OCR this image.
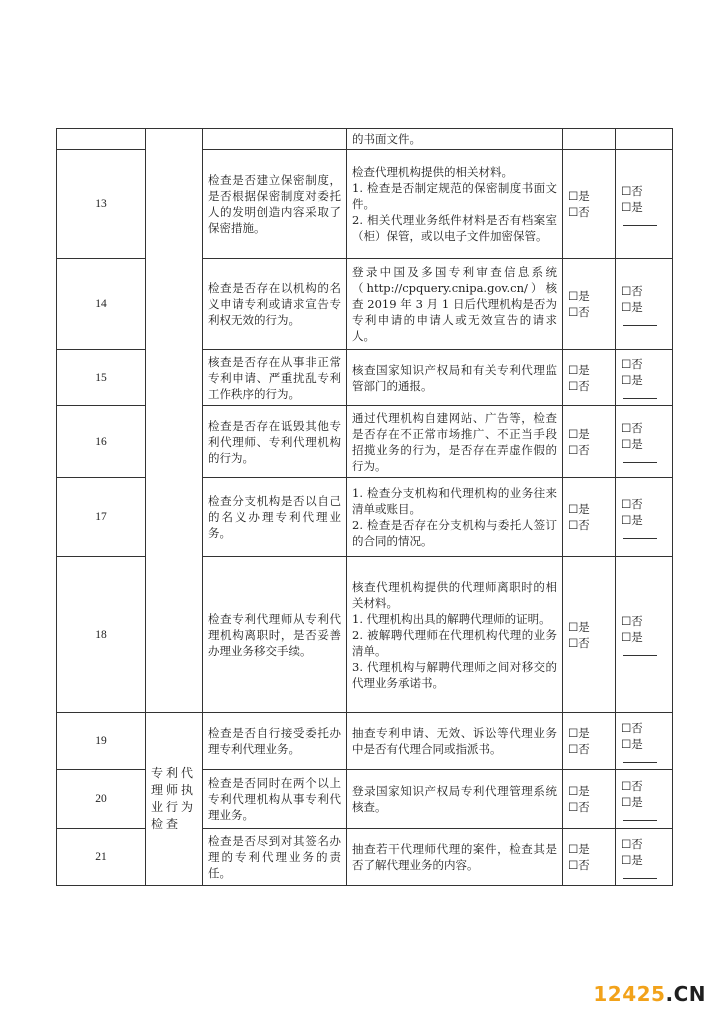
			的书面文件。		
13		检查是否建立保密制度，是否根据保密制度对委托人的发明创造内容采取了保密措施。	检查代理机构提供的相关材料。
1. 检查是否制定规范的保密制度书面文件。
2. 相关代理业务纸件材料是否有档案室（柜）保管，或以电子文件加密保管。	☐是
☐否	☐否
☐是

14		检查是否存在以机构的名义申请专利或请求宣告专利权无效的行为。	登录中国及多国专利审查信息系统（http://cpquery.cnipa.gov.cn/）核查 2019 年 3 月 1 日后代理机构是否为专利申请的申请人或无效宣告的请求人。	☐是
☐否	☐否
☐是

15		核查是否存在从事非正常专利申请、严重扰乱专利工作秩序的行为。	核查国家知识产权局和有关专利代理监管部门的通报。	☐是
☐否	☐否
☐是

16		检查是否存在诋毁其他专利代理师、专利代理机构的行为。	通过代理机构自建网站、广告等，检查是否存在不正常市场推广、不正当手段招揽业务的行为，是否存在弄虚作假的行为。	☐是
☐否	☐否
☐是

17		检查分支机构是否以自己的名义办理专利代理业务。	1. 检查分支机构和代理机构的业务往来清单或账目。
2. 检查是否存在分支机构与委托人签订的合同的情况。	☐是
☐否	☐否
☐是

18		检查专利代理师从专利代理机构离职时，是否妥善办理业务移交手续。	核查代理机构提供的代理师离职时的相关材料。
1. 代理机构出具的解聘代理师的证明。
2. 被解聘代理师在代理机构代理的业务清单。
3. 代理机构与解聘代理师之间对移交的代理业务承诺书。	☐是
☐否	☐否
☐是

19	专利代
理师执
业行为
检查	检查是否自行接受委托办理专利代理业务。	抽查专利申请、无效、诉讼等代理业务中是否有代理合同或指派书。	☐是
☐否	☐否
☐是

20		检查是否同时在两个以上专利代理机构从事专利代理业务。	登录国家知识产权局专利代理管理系统核查。	☐是
☐否	☐否
☐是

21		检查是否尽到对其签名办理的专利代理业务的责任。	抽查若干代理师代理的案件，检查其是否了解代理业务的内容。	☐是
☐否	☐否
☐是
12425.CN
